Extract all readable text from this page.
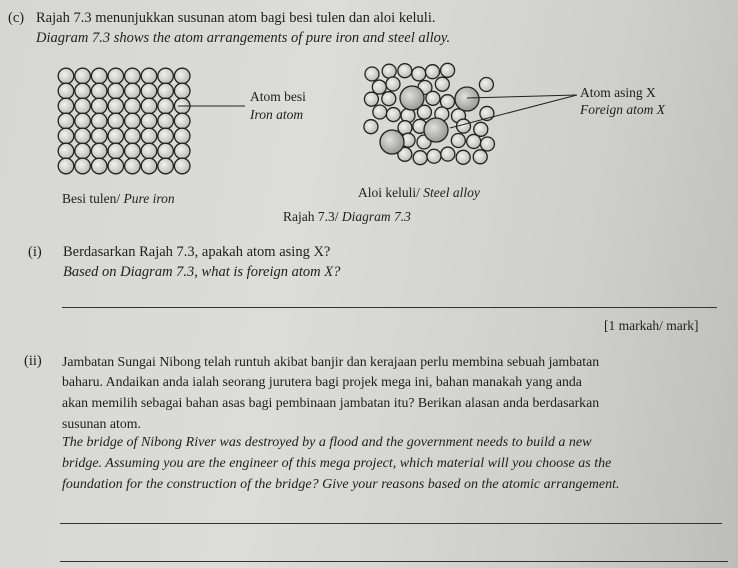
(c) Rajah 7.3 menunjukkan susunan atom bagi besi tulen dan aloi keluli.
Diagram 7.3 shows the atom arrangements of pure iron and steel alloy.
Atom besi
Iron atom
Atom asing X
Foreign atom X
Besi tulen/ Pure iron	Aloi keluli/ Steel alloy
Rajah 7.3/ Diagram 7.3
(i) Berdasarkan Rajah 7.3, apakah atom asing X?
Based on Diagram 7.3, what is foreign atom X?
[1 markah/ mark]
(ii) Jambatan Sungai Nibong telah runtuh akibat banjir dan kerajaan perlu membina sebuah jambatan
baharu. Andaikan anda ialah seorang jurutera bagi projek mega ini, bahan manakah yang anda
akan memilih sebagai bahan asas bagi pembinaan jambatan itu? Berikan alasan anda berdasarkan
susunan atom.
The bridge of Nibong River was destroyed by a flood and the government needs to build a new
bridge. Assuming you are the engineer of this mega project, which material will you choose as the
foundation for the construction of the bridge? Give your reasons based on the atomic arrangement.
